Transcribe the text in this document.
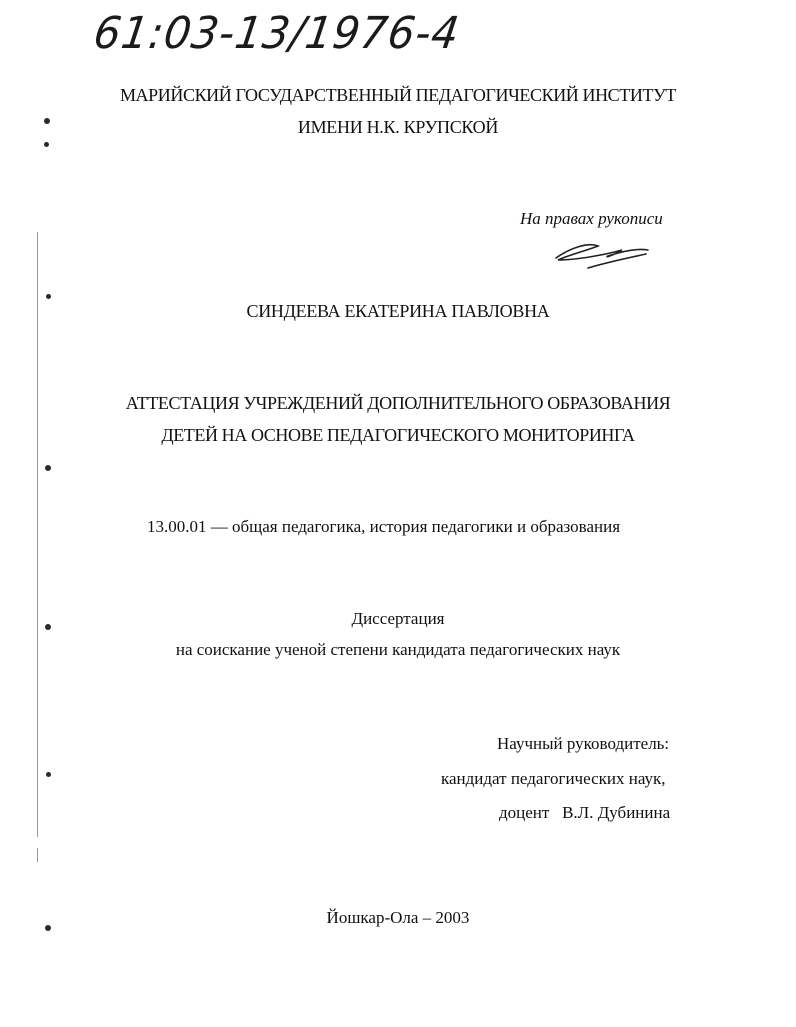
61:03-13/1976-4
МАРИЙСКИЙ ГОСУДАРСТВЕННЫЙ ПЕДАГОГИЧЕСКИЙ ИНСТИТУТ
ИМЕНИ Н.К. КРУПСКОЙ
На правах рукописи
СИНДЕЕВА ЕКАТЕРИНА ПАВЛОВНА
АТТЕСТАЦИЯ УЧРЕЖДЕНИЙ ДОПОЛНИТЕЛЬНОГО ОБРАЗОВАНИЯ
ДЕТЕЙ НА ОСНОВЕ ПЕДАГОГИЧЕСКОГО МОНИТОРИНГА
13.00.01 — общая педагогика, история педагогики и образования
Диссертация
на соискание ученой степени кандидата педагогических наук
Научный руководитель:
кандидат педагогических наук,
доцент   В.Л. Дубинина
Йошкар-Ола – 2003
